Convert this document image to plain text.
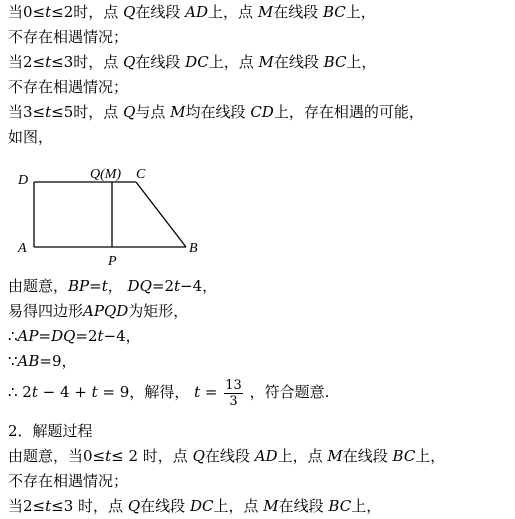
当0≤t≤2时，点 Q在线段 AD上，点 M在线段 BC上，
不存在相遇情况；
当2≤t≤3时，点 Q在线段 DC上，点 M在线段 BC上，
不存在相遇情况；
当3≤t≤5时，点 Q与点 M均在线段 CD上，存在相遇的可能，
如图，
D	Q(M) C
A
P
B
由题意，BP=t， DQ=2t−4，
易得四边形APQD为矩形，
∴AP=DQ=2t−4，
∵AB=9，
∴ 2t − 4 + t = 9，解得， $t = \frac{13}{3}$ ，符合题意.
2．解题过程
由题意，当0≤t≤ 2 时，点 Q在线段 AD上，点 M在线段 BC上，
不存在相遇情况；
当2≤t≤3 时，点 Q在线段 DC上，点 M在线段 BC上，
